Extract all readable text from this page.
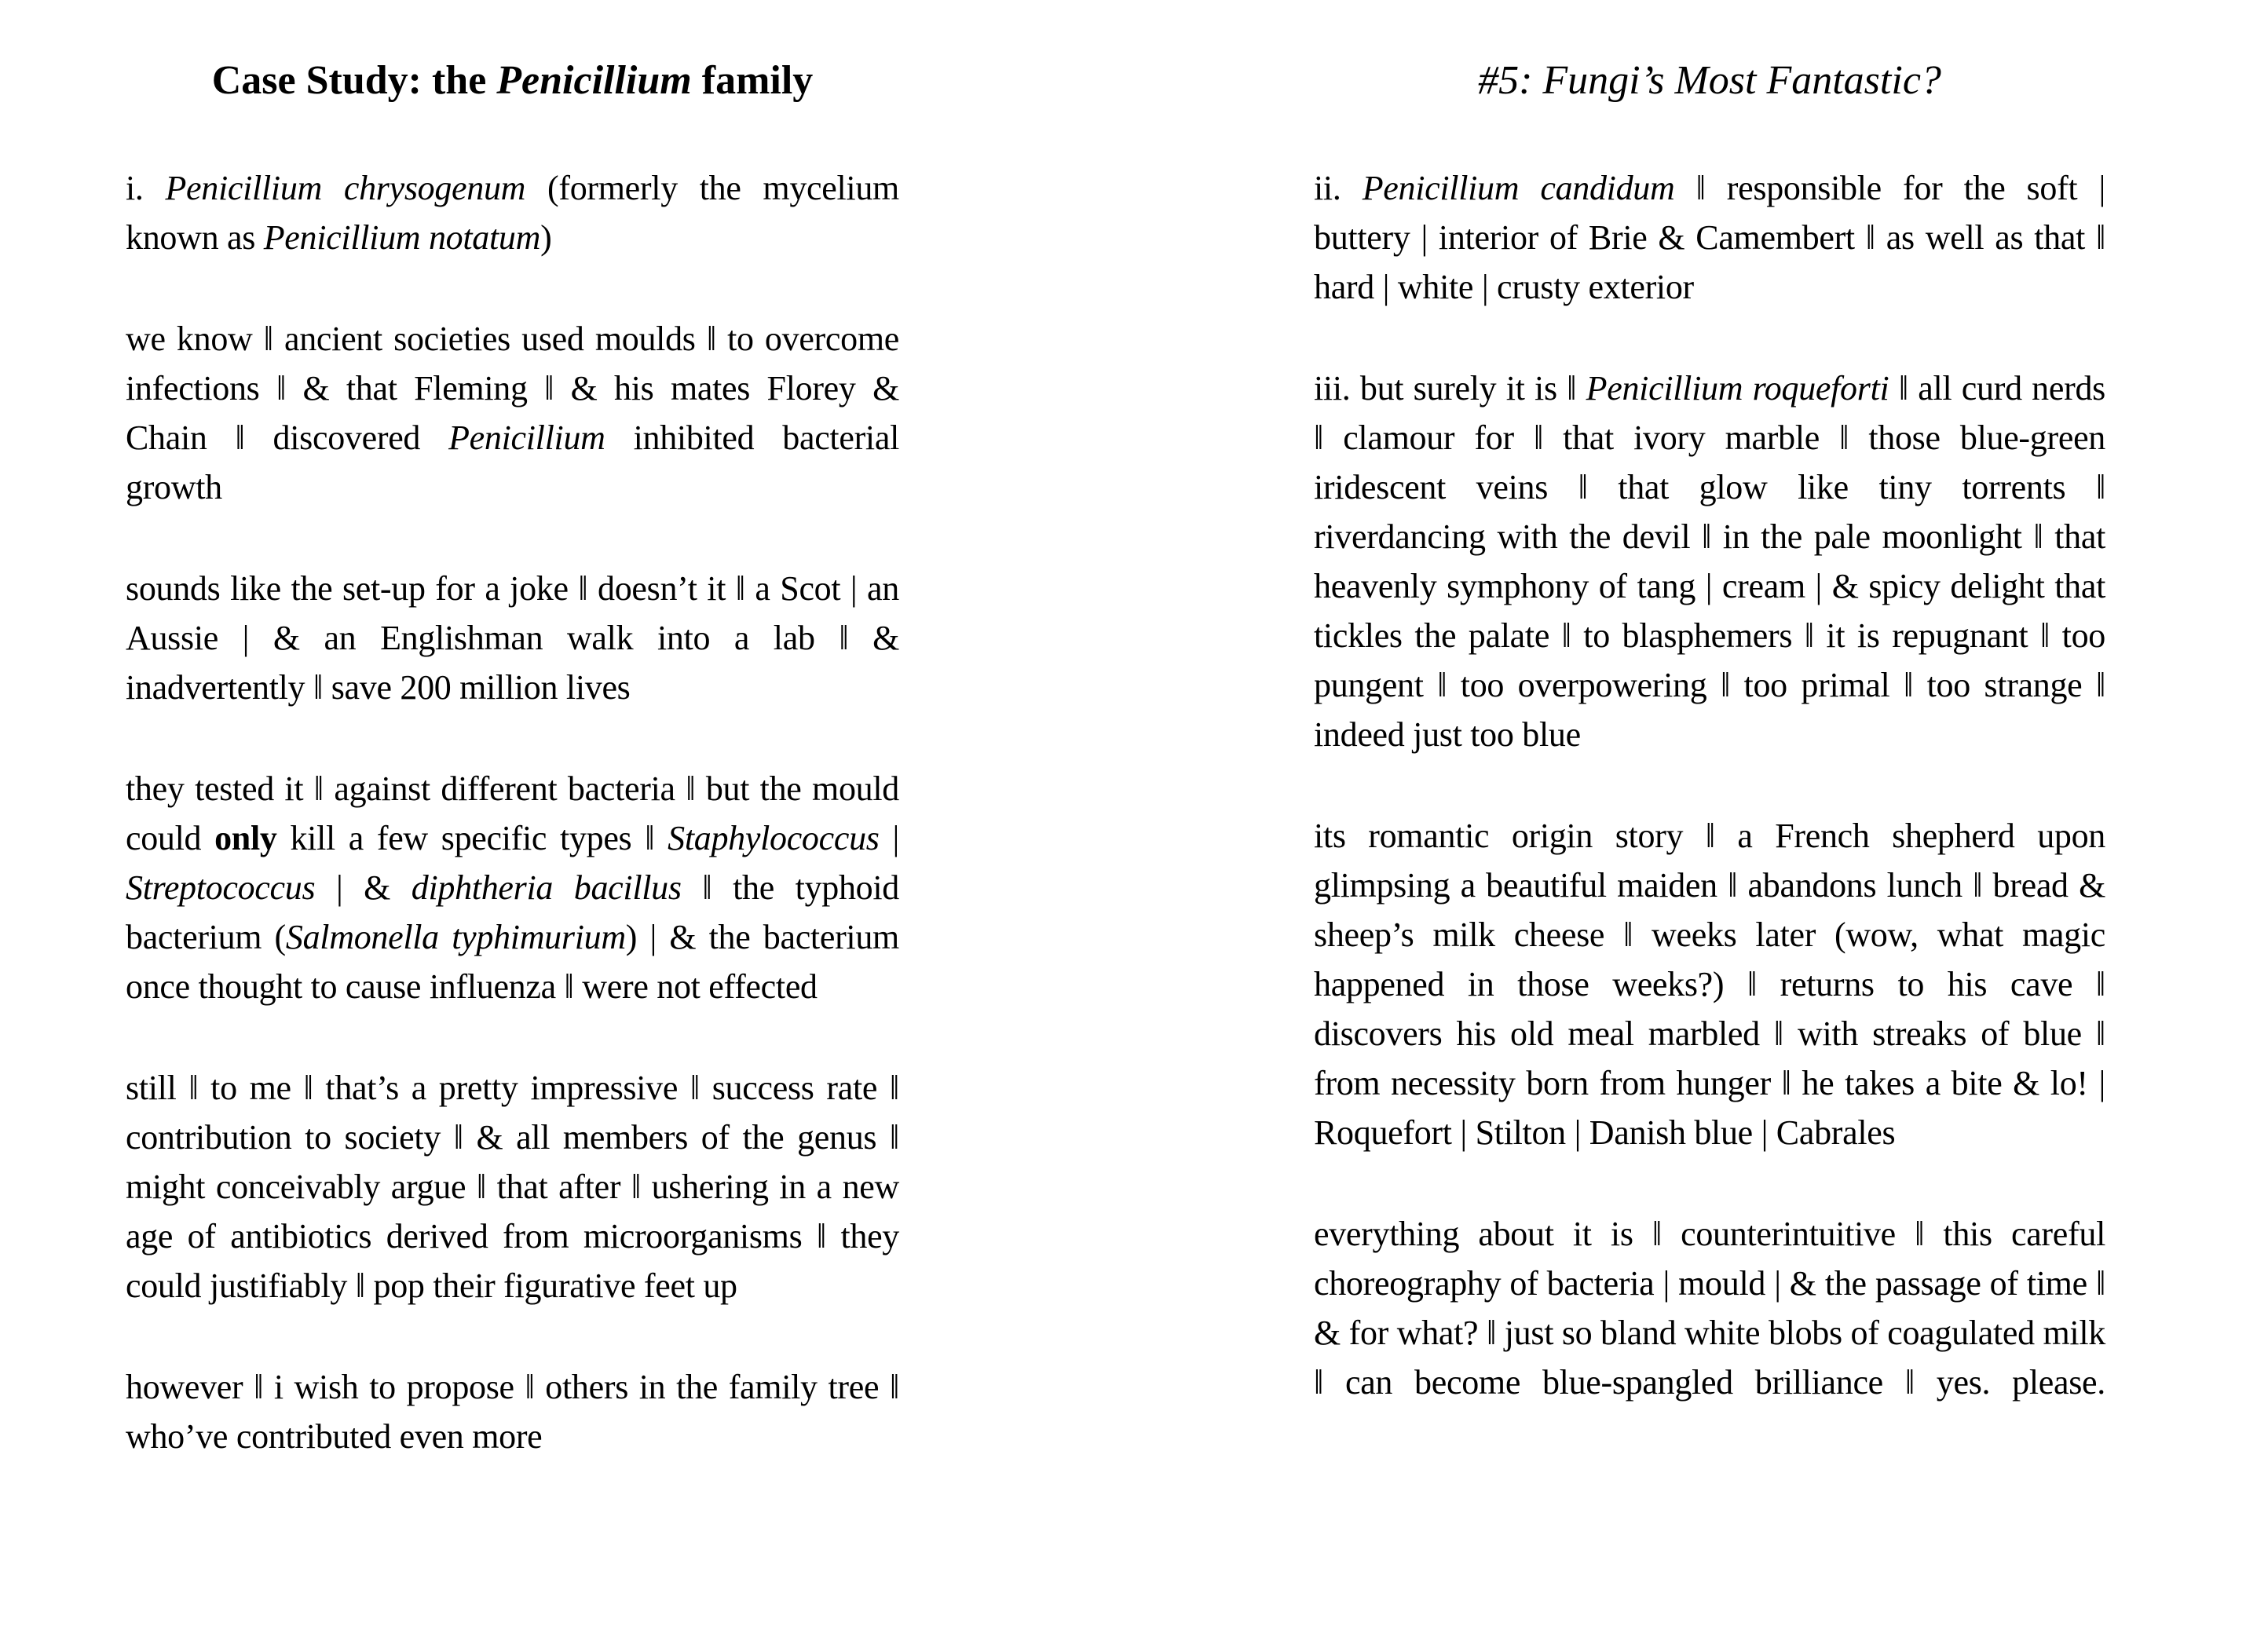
Case Study: the Penicillium family

i. Penicillium chrysogenum (formerly the mycelium known as Penicillium notatum)

we know ‖ ancient societies used moulds ‖ to overcome infections ‖ & that Fleming ‖ & his mates Florey & Chain ‖ discovered Penicillium inhibited bacterial growth

sounds like the set-up for a joke ‖ doesn’t it ‖ a Scot | an Aussie | & an Englishman walk into a lab ‖ & inadvertently ‖ save 200 million lives

they tested it ‖ against different bacteria ‖ but the mould could only kill a few specific types ‖ Staphylococcus | Streptococcus | & diphtheria bacillus ‖ the typhoid bacterium (Salmonella typhimurium) | & the bacterium once thought to cause influenza ‖ were not effected

still ‖ to me ‖ that’s a pretty impressive ‖ success rate ‖ contribution to society ‖ & all members of the genus ‖ might conceivably argue ‖ that after ‖ ushering in a new age of antibiotics derived from microorganisms ‖ they could justifiably ‖ pop their figurative feet up

however ‖ i wish to propose ‖ others in the family tree ‖ who’ve contributed even more

#5: Fungi’s Most Fantastic?

ii. Penicillium candidum ‖ responsible for the soft | buttery | interior of Brie & Camembert ‖ as well as that ‖ hard | white | crusty exterior

iii. but surely it is ‖ Penicillium roqueforti ‖ all curd nerds ‖ clamour for ‖ that ivory marble ‖ those blue-green iridescent veins ‖ that glow like tiny torrents ‖ riverdancing with the devil ‖ in the pale moonlight ‖ that heavenly symphony of tang | cream | & spicy delight that tickles the palate ‖ to blasphemers ‖ it is repugnant ‖ too pungent ‖ too overpowering ‖ too primal ‖ too strange ‖ indeed just too blue

its romantic origin story ‖ a French shepherd upon glimpsing a beautiful maiden ‖ abandons lunch ‖ bread & sheep’s milk cheese ‖ weeks later (wow, what magic happened in those weeks?) ‖ returns to his cave ‖ discovers his old meal marbled ‖ with streaks of blue ‖ from necessity born from hunger ‖ he takes a bite & lo! | Roquefort | Stilton | Danish blue | Cabrales

everything about it is ‖ counterintuitive ‖ this careful choreography of bacteria | mould | & the passage of time ‖ & for what? ‖ just so bland white blobs of coagulated milk ‖ can become blue-spangled brilliance ‖ yes. please.
